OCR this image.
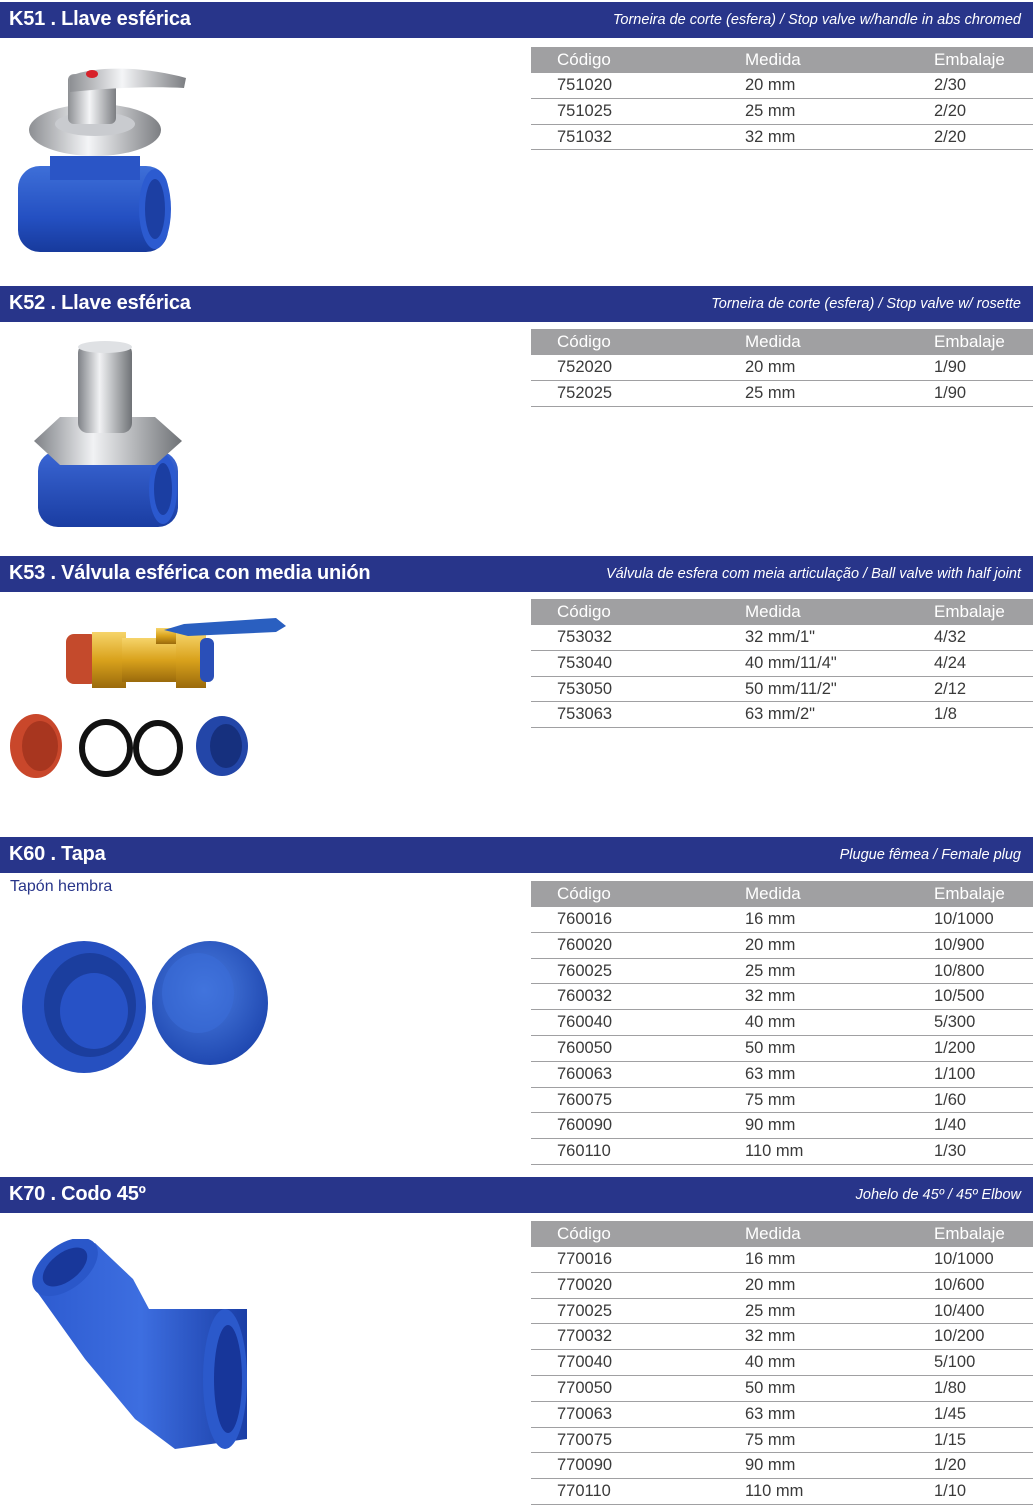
K51 . Llave esférica	Torneira de corte (esfera) / Stop valve w/handle in abs chromed
Código	Medida	Embalaje
751020	20 mm	2/30
751025	25 mm	2/20
751032	32 mm	2/20
K52 . Llave esférica	Torneira de corte (esfera) / Stop valve w/ rosette
Código	Medida	Embalaje
752020	20 mm	1/90
752025	25 mm	1/90
K53 . Válvula esférica con media unión	Válvula de esfera com meia articulação / Ball valve with half joint
Código	Medida	Embalaje
753032	32 mm/1"	4/32
753040	40 mm/11/4"	4/24
753050	50 mm/11/2"	2/12
753063	63 mm/2"	1/8
K60 . Tapa	Plugue fêmea / Female plug
Tapón hembra	Código	Medida	Embalaje
760016	16 mm	10/1000
760020	20 mm	10/900
760025	25 mm	10/800
760032	32 mm	10/500
760040	40 mm	5/300
760050	50 mm	1/200
760063	63 mm	1/100
760075	75 mm	1/60
760090	90 mm	1/40
760110	110 mm	1/30
K70 . Codo 45º	Johelo de 45º / 45º Elbow
Código	Medida	Embalaje
770016	16 mm	10/1000
770020	20 mm	10/600
770025	25 mm	10/400
770032	32 mm	10/200
770040	40 mm	5/100
770050	50 mm	1/80
770063	63 mm	1/45
770075	75 mm	1/15
770090	90 mm	1/20
770110	110 mm	1/10
